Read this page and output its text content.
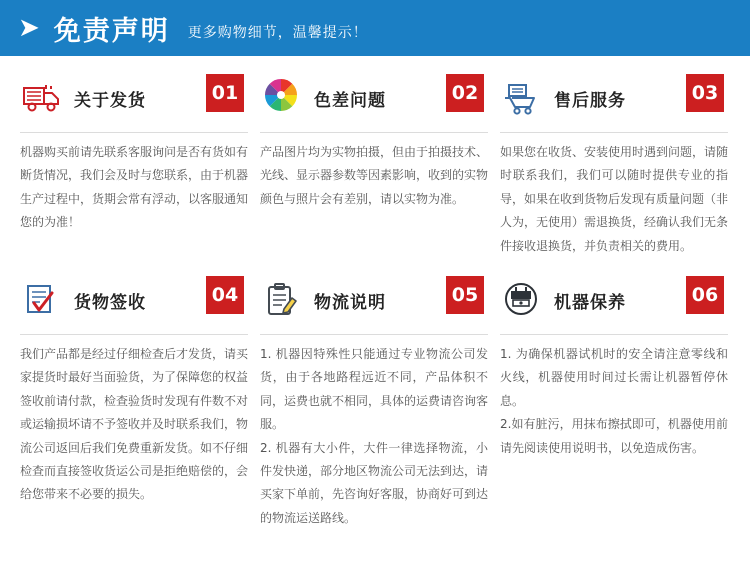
➤ 免责声明 更多购物细节，温馨提示！
关于发货	01

机器购买前请先联系客服询问是否有货如有断货情况，我们会及时与您联系，由于机器生产过程中，货期会常有浮动，以客服通知您的为准！

色差问题	02

产品图片均为实物拍摄，但由于拍摄技术、光线、显示器参数等因素影响，收到的实物颜色与照片会有差别，请以实物为准。

售后服务	03

如果您在收货、安装使用时遇到问题，请随时联系我们，我们可以随时提供专业的指导，如果在收到货物后发现有质量问题（非人为，无使用）需退换货，经确认我们无条件接收退换货，并负责相关的费用。

货物签收	04

我们产品都是经过仔细检查后才发货，请买家提货时最好当面验货，为了保障您的权益签收前请付款，检查验货时发现有件数不对或运输损坏请不予签收并及时联系我们，物流公司返回后我们免费重新发货。如不仔细检查而直接签收货运公司是拒绝赔偿的，会给您带来不必要的损失。

物流说明	05

1. 机器因特殊性只能通过专业物流公司发货，由于各地路程远近不同，产品体积不同，运费也就不相同，具体的运费请咨询客服。

2. 机器有大小件，大件一律选择物流，小件发快递，部分地区物流公司无法到达，请买家下单前，先咨询好客服，协商好可到达的物流运送路线。

机器保养	06

1. 为确保机器试机时的安全请注意零线和火线，机器使用时间过长需让机器暂停休息。

2.如有脏污，用抹布擦拭即可，机器使用前请先阅读使用说明书，以免造成伤害。
